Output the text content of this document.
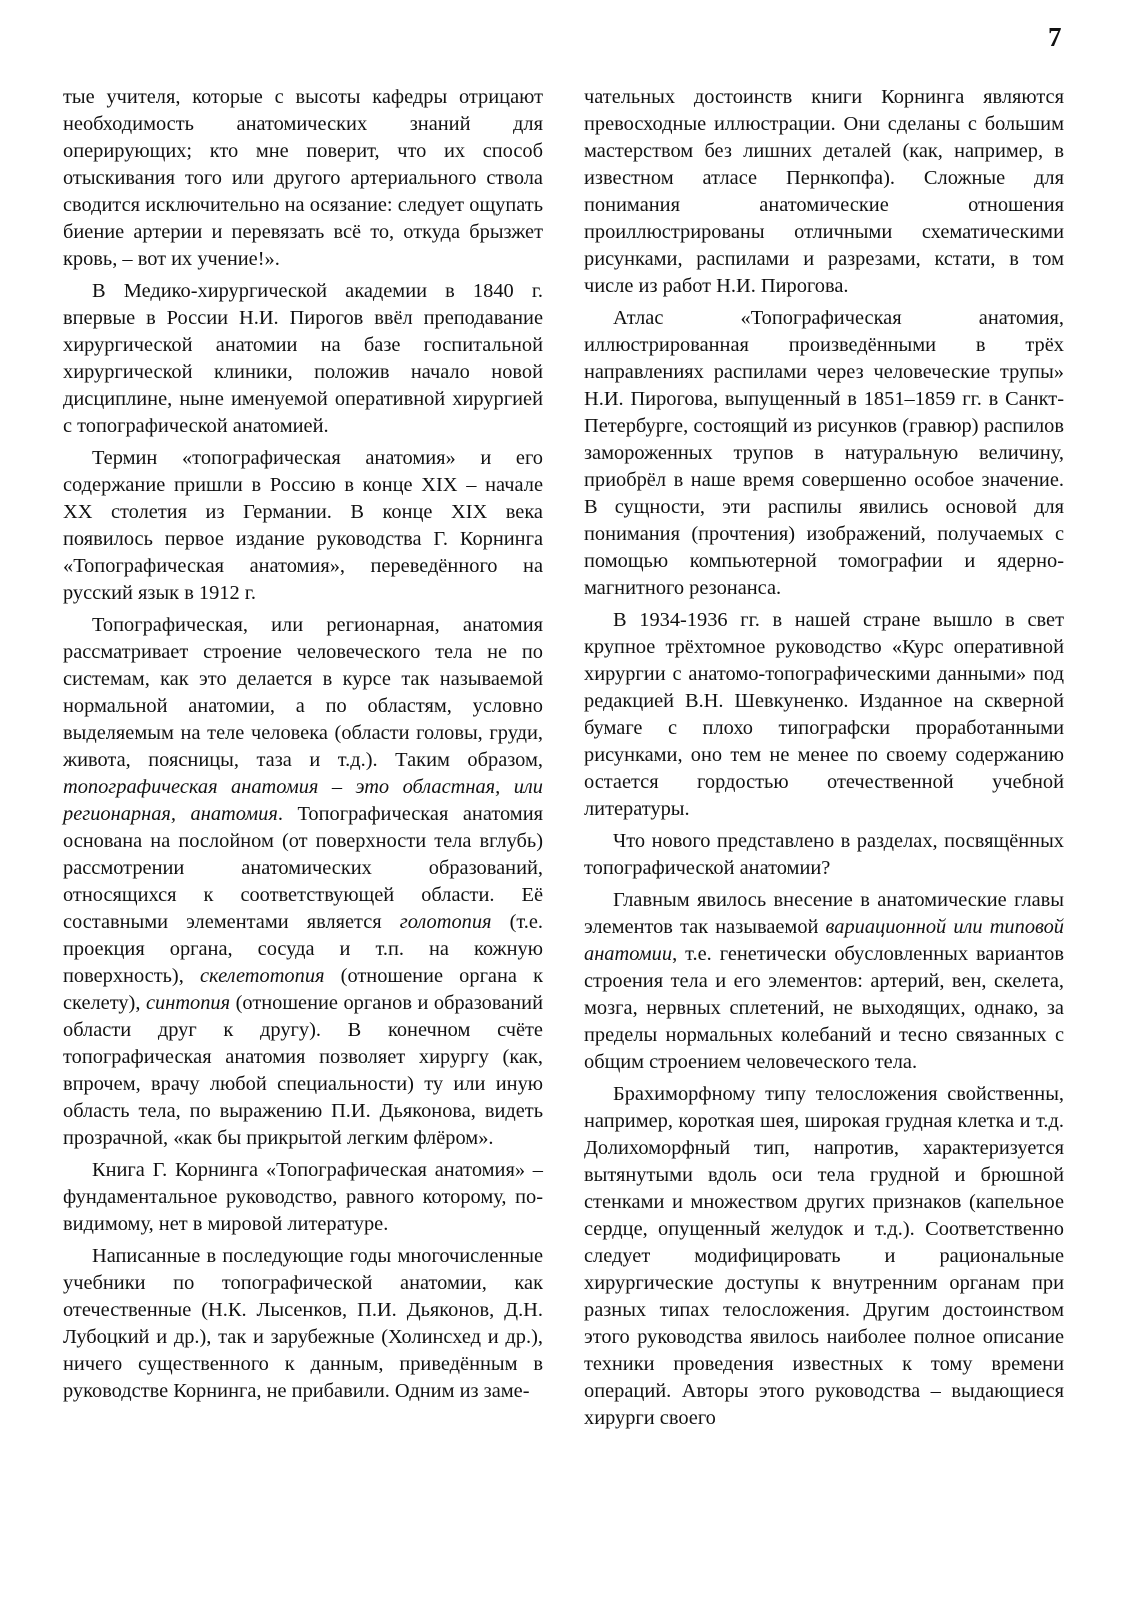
7

тые учителя, которые с высоты кафедры отрицают необходимость анатомических знаний для оперирующих; кто мне поверит, что их способ отыскивания того или другого артериального ствола сводится исключительно на осязание: следует ощупать биение артерии и перевязать всё то, откуда брызжет кровь, – вот их учение!».

В Медико-хирургической академии в 1840 г. впервые в России Н.И. Пирогов ввёл преподавание хирургической анатомии на базе госпитальной хирургической клиники, положив начало новой дисциплине, ныне именуемой оперативной хирургией с топографической анатомией.

Термин «топографическая анатомия» и его содержание пришли в Россию в конце XIX – начале XX столетия из Германии. В конце XIX века появилось первое издание руководства Г. Корнинга «Топографическая анатомия», переведённого на русский язык в 1912 г.

Топографическая, или регионарная, анатомия рассматривает строение человеческого тела не по системам, как это делается в курсе так называемой нормальной анатомии, а по областям, условно выделяемым на теле человека (области головы, груди, живота, поясницы, таза и т.д.). Таким образом, топографическая анатомия – это областная, или регионарная, анатомия. Топографическая анатомия основана на послойном (от поверхности тела вглубь) рассмотрении анатомических образований, относящихся к соответствующей области. Её составными элементами является голотопия (т.е. проекция органа, сосуда и т.п. на кожную поверхность), скелетотопия (отношение органа к скелету), синтопия (отношение органов и образований области друг к другу). В конечном счёте топографическая анатомия позволяет хирургу (как, впрочем, врачу любой специальности) ту или иную область тела, по выражению П.И. Дьяконова, видеть прозрачной, «как бы прикрытой легким флёром».

Книга Г. Корнинга «Топографическая анатомия» – фундаментальное руководство, равного которому, по-видимому, нет в мировой литературе.

Написанные в последующие годы многочисленные учебники по топографической анатомии, как отечественные (Н.К. Лысенков, П.И. Дьяконов, Д.Н. Лубоцкий и др.), так и зарубежные (Холинсхед и др.), ничего существенного к данным, приведённым в руководстве Корнинга, не прибавили. Одним из заме-

чательных достоинств книги Корнинга являются превосходные иллюстрации. Они сделаны с большим мастерством без лишних деталей (как, например, в известном атласе Пернкопфа). Сложные для понимания анатомические отношения проиллюстрированы отличными схематическими рисунками, распилами и разрезами, кстати, в том числе из работ Н.И. Пирогова.

Атлас «Топографическая анатомия, иллюстрированная произведёнными в трёх направлениях распилами через человеческие трупы» Н.И. Пирогова, выпущенный в 1851–1859 гг. в Санкт-Петербурге, состоящий из рисунков (гравюр) распилов замороженных трупов в натуральную величину, приобрёл в наше время совершенно особое значение. В сущности, эти распилы явились основой для понимания (прочтения) изображений, получаемых с помощью компьютерной томографии и ядерно-магнитного резонанса.

В 1934-1936 гг. в нашей стране вышло в свет крупное трёхтомное руководство «Курс оперативной хирургии с анатомо-топографическими данными» под редакцией В.Н. Шевкуненко. Изданное на скверной бумаге с плохо типографски проработанными рисунками, оно тем не менее по своему содержанию остается гордостью отечественной учебной литературы.

Что нового представлено в разделах, посвящённых топографической анатомии?

Главным явилось внесение в анатомические главы элементов так называемой вариационной или типовой анатомии, т.е. генетически обусловленных вариантов строения тела и его элементов: артерий, вен, скелета, мозга, нервных сплетений, не выходящих, однако, за пределы нормальных колебаний и тесно связанных с общим строением человеческого тела.

Брахиморфному типу телосложения свойственны, например, короткая шея, широкая грудная клетка и т.д. Долихоморфный тип, напротив, характеризуется вытянутыми вдоль оси тела грудной и брюшной стенками и множеством других признаков (капельное сердце, опущенный желудок и т.д.). Соответственно следует модифицировать и рациональные хирургические доступы к внутренним органам при разных типах телосложения. Другим достоинством этого руководства явилось наиболее полное описание техники проведения известных к тому времени операций. Авторы этого руководства – выдающиеся хирурги своего
